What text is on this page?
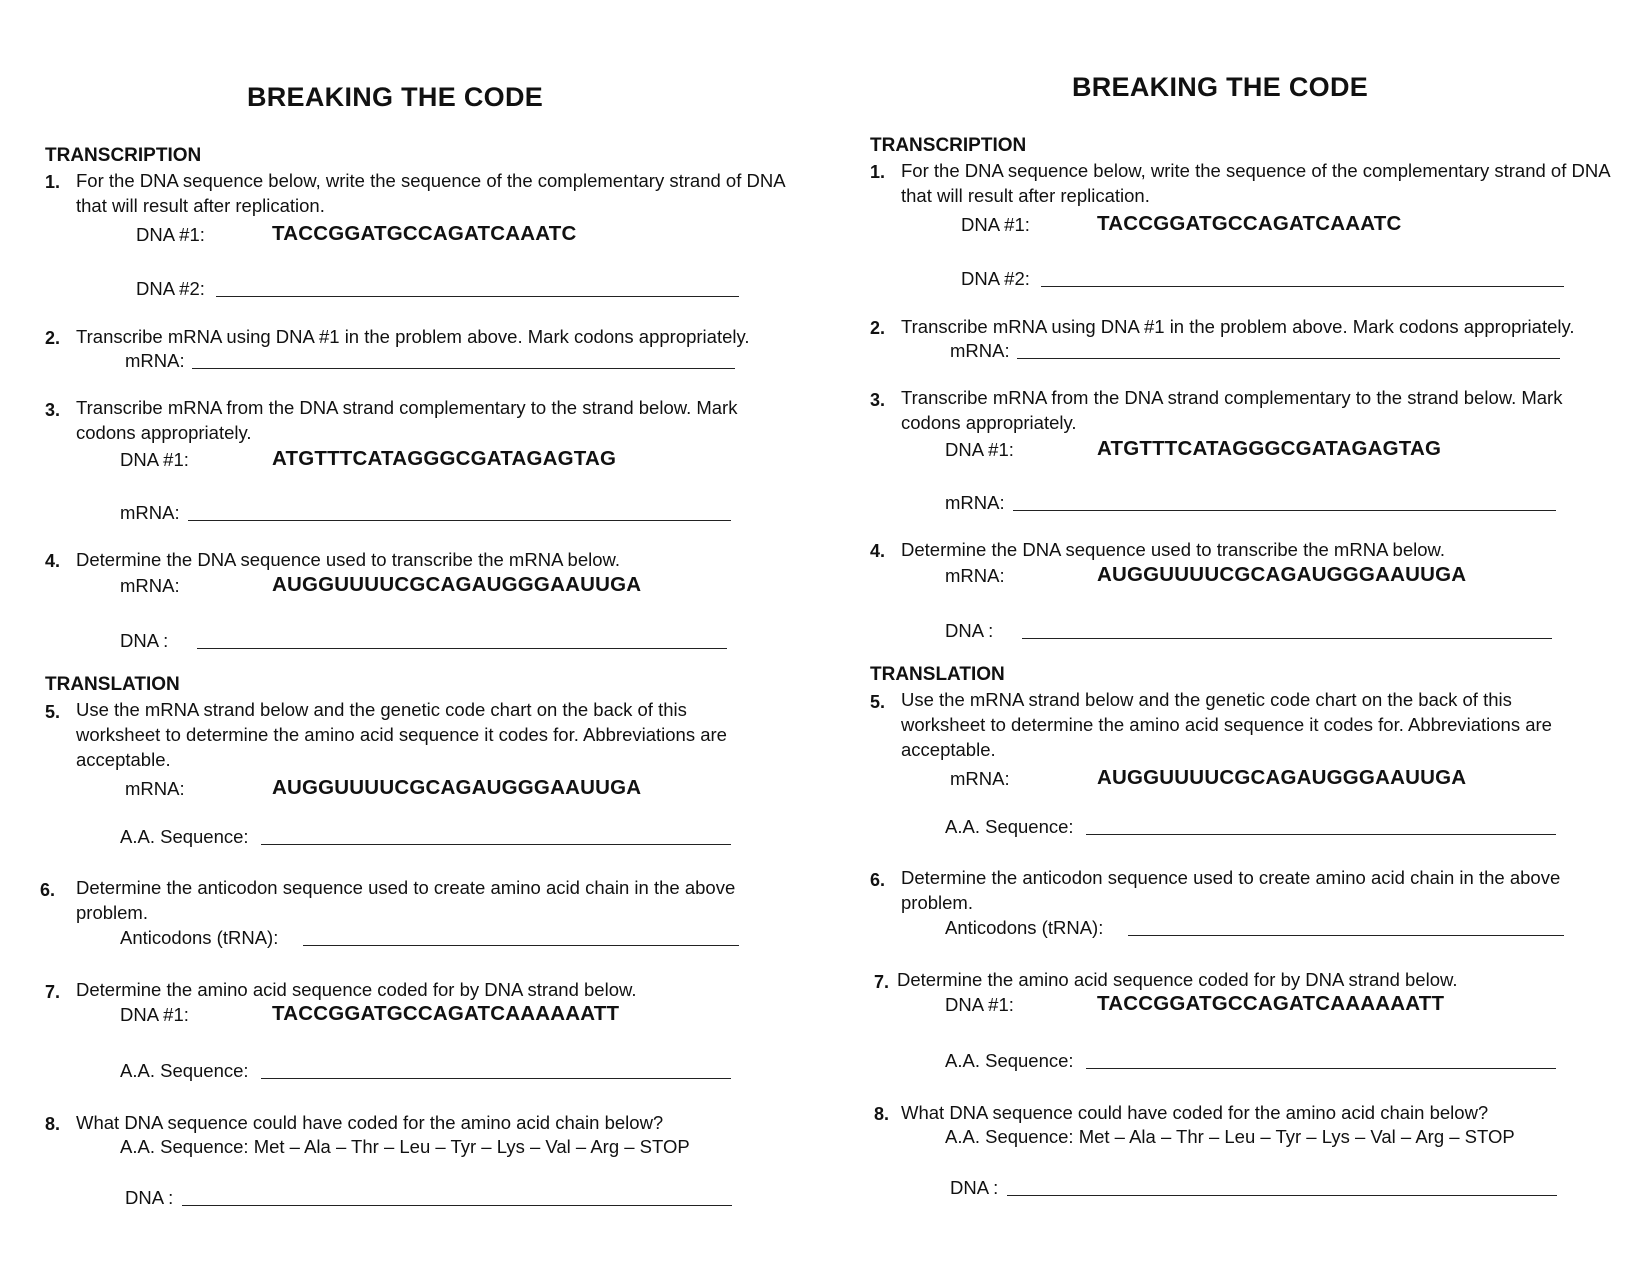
BREAKING THE CODE
TRANSCRIPTION
1. For the DNA sequence below, write the sequence of the complementary strand of DNA that will result after replication.
DNA #1:	TACCGGATGCCAGATCAAATC
DNA #2:
2. Transcribe mRNA using DNA #1 in the problem above. Mark codons appropriately.
mRNA:
3. Transcribe mRNA from the DNA strand complementary to the strand below. Mark codons appropriately.
DNA #1:	ATGTTTCATAGGGCGATAGAGTAG
mRNA:
4. Determine the DNA sequence used to transcribe the mRNA below.
mRNA:	AUGGUUUUCGCAGAUGGGAAUUGA
DNA :
TRANSLATION
5. Use the mRNA strand below and the genetic code chart on the back of this worksheet to determine the amino acid sequence it codes for. Abbreviations are acceptable.
mRNA:	AUGGUUUUCGCAGAUGGGAAUUGA
A.A. Sequence:
6. Determine the anticodon sequence used to create amino acid chain in the above problem.
Anticodons (tRNA):
7. Determine the amino acid sequence coded for by DNA strand below.
DNA #1:	TACCGGATGCCAGATCAAAAAATT
A.A. Sequence:
8. What DNA sequence could have coded for the amino acid chain below?
A.A. Sequence: Met – Ala – Thr – Leu – Tyr – Lys – Val – Arg – STOP
DNA :
BREAKING THE CODE
TRANSCRIPTION
1. For the DNA sequence below, write the sequence of the complementary strand of DNA that will result after replication.
DNA #1:	TACCGGATGCCAGATCAAATC
DNA #2:
2. Transcribe mRNA using DNA #1 in the problem above. Mark codons appropriately.
mRNA:
3. Transcribe mRNA from the DNA strand complementary to the strand below. Mark codons appropriately.
DNA #1:	ATGTTTCATAGGGCGATAGAGTAG
mRNA:
4. Determine the DNA sequence used to transcribe the mRNA below.
mRNA:	AUGGUUUUCGCAGAUGGGAAUUGA
DNA :
TRANSLATION
5. Use the mRNA strand below and the genetic code chart on the back of this worksheet to determine the amino acid sequence it codes for. Abbreviations are acceptable.
mRNA:	AUGGUUUUCGCAGAUGGGAAUUGA
A.A. Sequence:
6. Determine the anticodon sequence used to create amino acid chain in the above problem.
Anticodons (tRNA):
7. Determine the amino acid sequence coded for by DNA strand below.
DNA #1:	TACCGGATGCCAGATCAAAAAATT
A.A. Sequence:
8. What DNA sequence could have coded for the amino acid chain below?
A.A. Sequence: Met – Ala – Thr – Leu – Tyr – Lys – Val – Arg – STOP
DNA :
